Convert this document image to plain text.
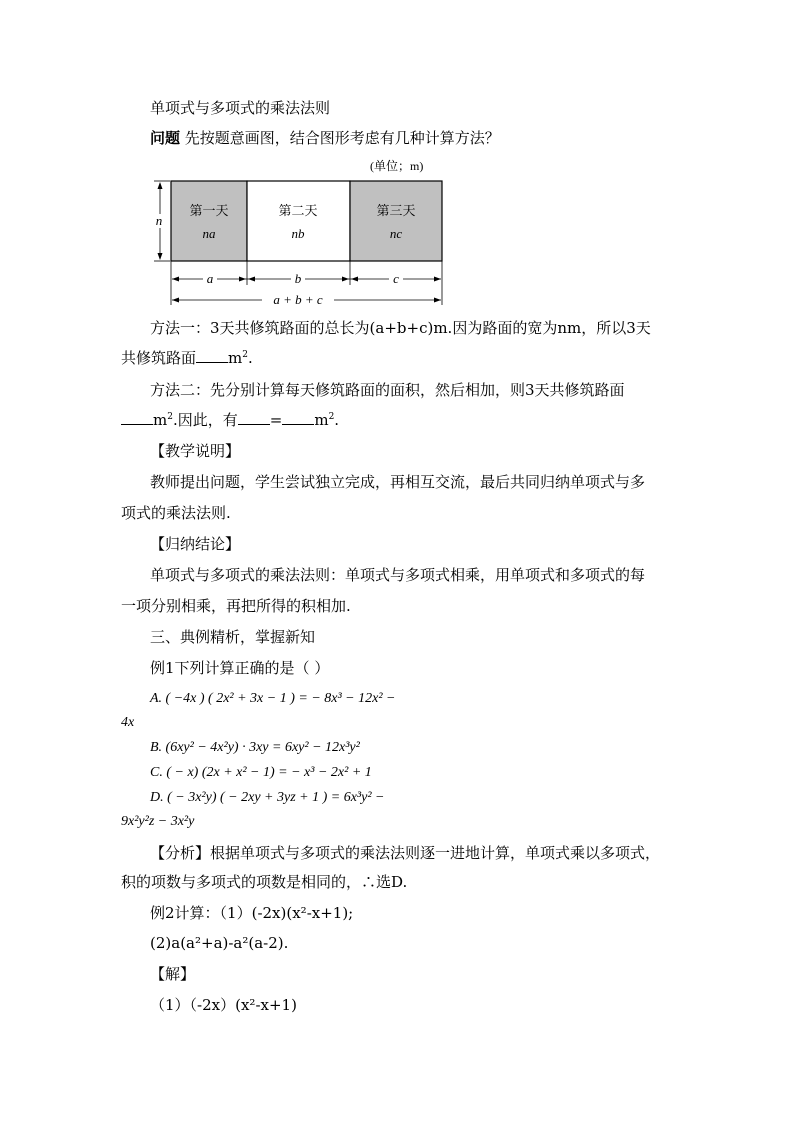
单项式与多项式的乘法法则
问题 先按题意画图，结合图形考虑有几种计算方法？
(单位；m)
第一天
na
第二天
nb
第三天
nc
n
a	b	c
a + b + c
方法一：3天共修筑路面的总长为(a+b+c)m.因为路面的宽为nm，所以3天
共修筑路面 $m^2$.
方法二：先分别计算每天修筑路面的面积，然后相加，则3天共修筑路面
$m^2$.因此，有 = $m^2$.
【教学说明】
教师提出问题，学生尝试独立完成，再相互交流，最后共同归纳单项式与多
项式的乘法法则.
【归纳结论】
单项式与多项式的乘法法则：单项式与多项式相乘，用单项式和多项式的每
一项分别相乘，再把所得的积相加.
三、典例精析，掌握新知
例1下列计算正确的是（ ）
A. ( −4x ) ( 2x² + 3x − 1 ) = − 8x³ − 12x² −
4x
B. (6xy² − 4x²y) · 3xy = 6xy² − 12x³y²
C. ( − x) (2x + x² − 1) = − x³ − 2x² + 1
D. ( − 3x²y) ( − 2xy + 3yz + 1 ) = 6x³y² −
9x²y²z − 3x²y
【分析】根据单项式与多项式的乘法法则逐一进地计算，单项式乘以多项式，
积的项数与多项式的项数是相同的，∴选D.
例2计算：（1）(-2x)(x²-x+1);
(2)a(a²+a)-a²(a-2).
【解】
（1）（-2x）(x²-x+1)
